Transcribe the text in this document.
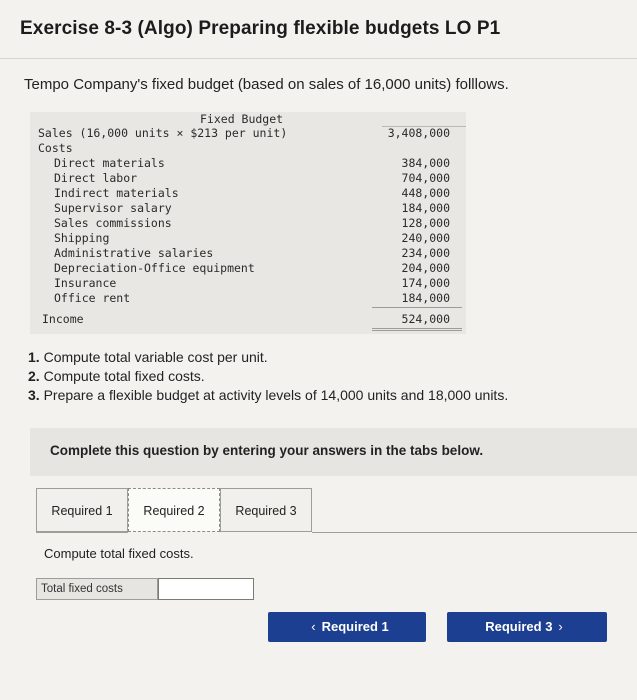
Exercise 8-3 (Algo) Preparing flexible budgets LO P1
Tempo Company's fixed budget (based on sales of 16,000 units) folllows.
Fixed Budget
Sales (16,000 units × $213 per unit)	3,408,000
Costs
Direct materials	384,000
Direct labor	704,000
Indirect materials	448,000
Supervisor salary	184,000
Sales commissions	128,000
Shipping	240,000
Administrative salaries	234,000
Depreciation-Office equipment	204,000
Insurance	174,000
Office rent	184,000
Income	524,000
1. Compute total variable cost per unit.
2. Compute total fixed costs.
3. Prepare a flexible budget at activity levels of 14,000 units and 18,000 units.
Complete this question by entering your answers in the tabs below.
Required 1	Required 2	Required 3
Compute total fixed costs.
Total fixed costs
‹ Required 1	Required 3 ›
